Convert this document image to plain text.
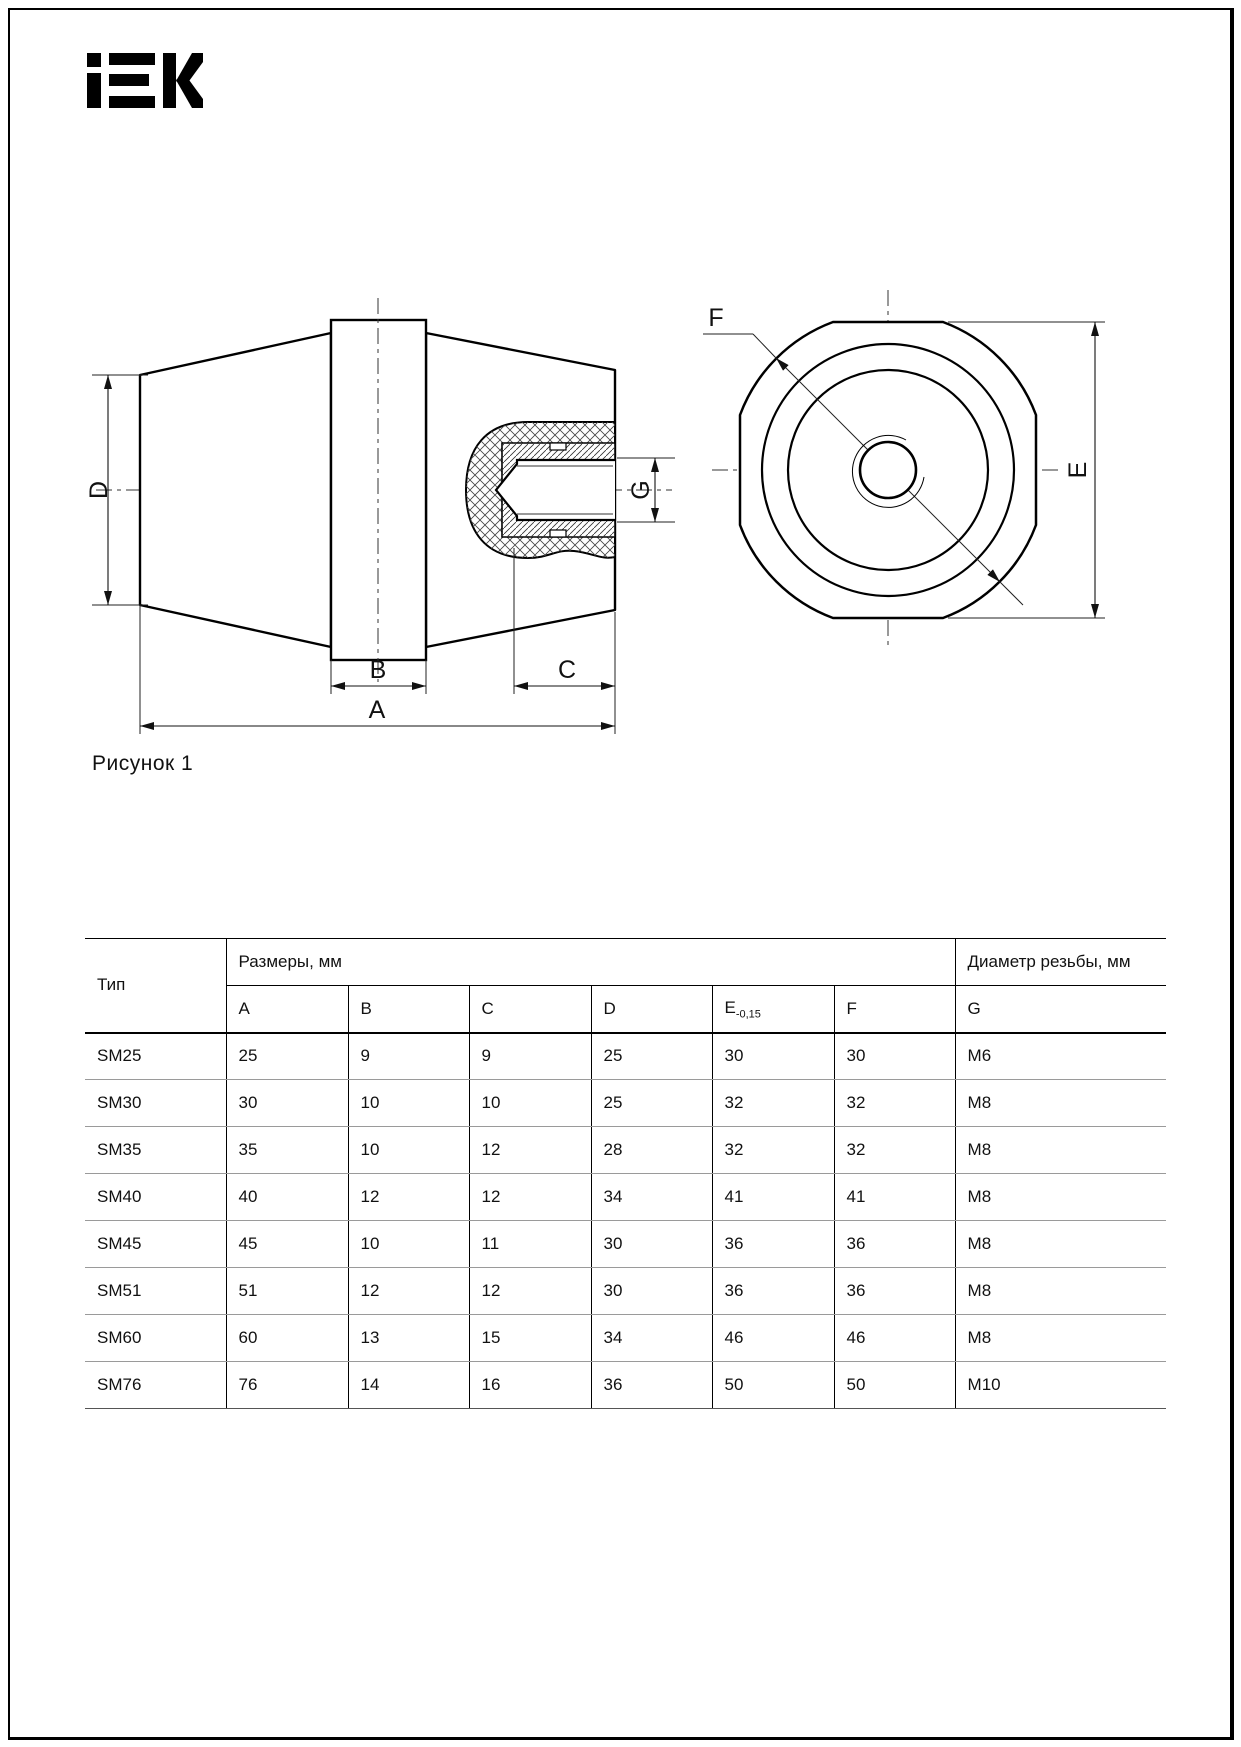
D
B	C
A
G
F
E
Рисунок 1
Тип	Размеры, мм						Диаметр резьбы, мм
	A	B	C	D	$E_{-0,15}$	F	G
SM25	25	9	9	25	30	30	M6
SM30	30	10	10	25	32	32	M8
SM35	35	10	12	28	32	32	M8
SM40	40	12	12	34	41	41	M8
SM45	45	10	11	30	36	36	M8
SM51	51	12	12	30	36	36	M8
SM60	60	13	15	34	46	46	M8
SM76	76	14	16	36	50	50	M10
